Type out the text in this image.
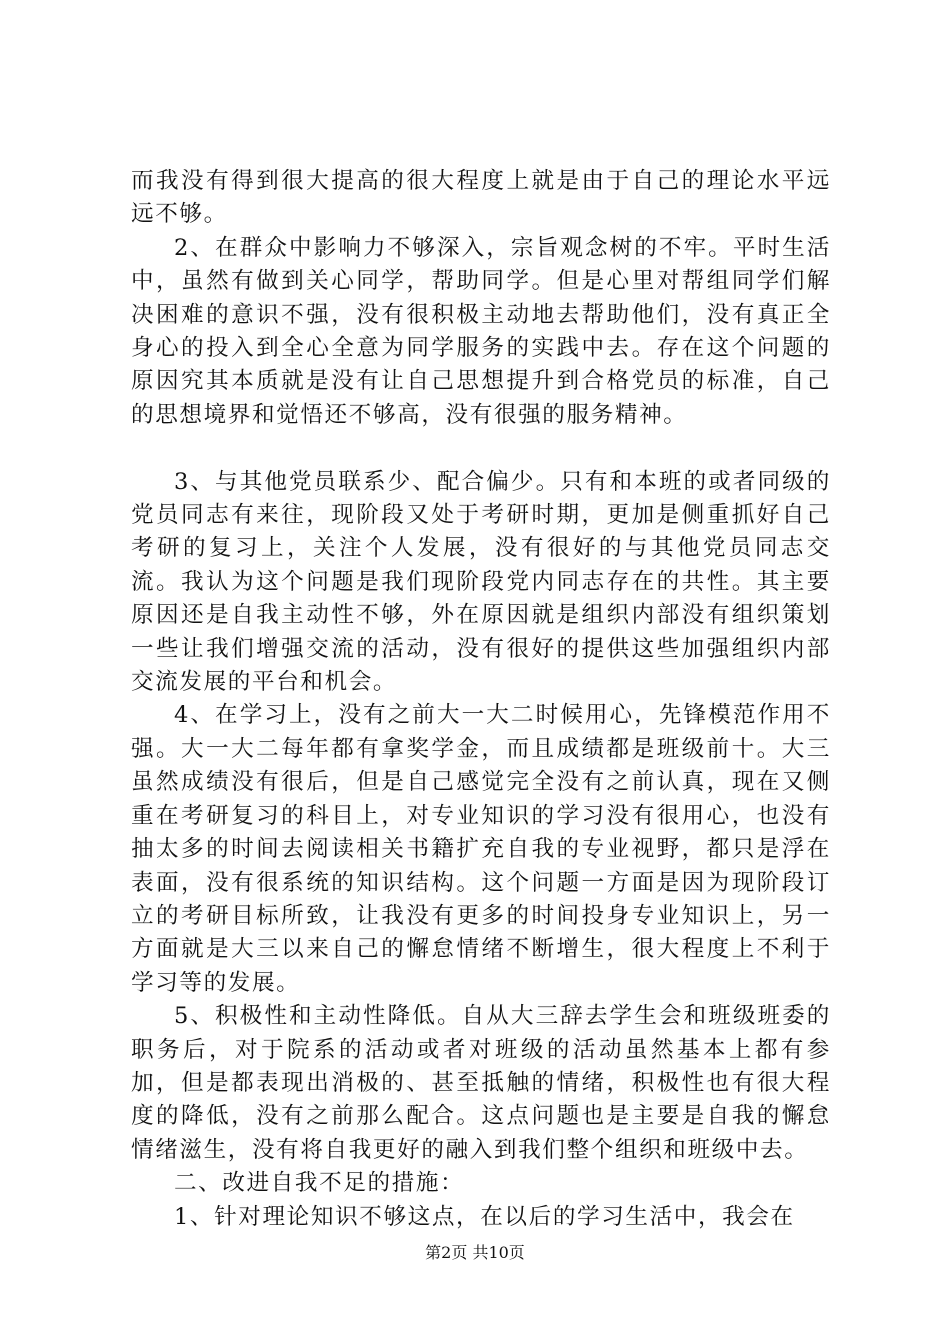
而我没有得到很大提高的很大程度上就是由于自己的理论水平远远不够。

2、在群众中影响力不够深入，宗旨观念树的不牢。平时生活中，虽然有做到关心同学，帮助同学。但是心里对帮组同学们解决困难的意识不强，没有很积极主动地去帮助他们，没有真正全身心的投入到全心全意为同学服务的实践中去。存在这个问题的原因究其本质就是没有让自己思想提升到合格党员的标准，自己的思想境界和觉悟还不够高，没有很强的服务精神。

3、与其他党员联系少、配合偏少。只有和本班的或者同级的党员同志有来往，现阶段又处于考研时期，更加是侧重抓好自己考研的复习上，关注个人发展，没有很好的与其他党员同志交流。我认为这个问题是我们现阶段党内同志存在的共性。其主要原因还是自我主动性不够，外在原因就是组织内部没有组织策划一些让我们增强交流的活动，没有很好的提供这些加强组织内部交流发展的平台和机会。

4、在学习上，没有之前大一大二时候用心，先锋模范作用不强。大一大二每年都有拿奖学金，而且成绩都是班级前十。大三虽然成绩没有很后，但是自己感觉完全没有之前认真，现在又侧重在考研复习的科目上，对专业知识的学习没有很用心，也没有抽太多的时间去阅读相关书籍扩充自我的专业视野，都只是浮在表面，没有很系统的知识结构。这个问题一方面是因为现阶段订立的考研目标所致，让我没有更多的时间投身专业知识上，另一方面就是大三以来自己的懈怠情绪不断增生，很大程度上不利于学习等的发展。

5、积极性和主动性降低。自从大三辞去学生会和班级班委的职务后，对于院系的活动或者对班级的活动虽然基本上都有参加，但是都表现出消极的、甚至抵触的情绪，积极性也有很大程度的降低，没有之前那么配合。这点问题也是主要是自我的懈怠情绪滋生，没有将自我更好的融入到我们整个组织和班级中去。

二、改进自我不足的措施：

1、针对理论知识不够这点，在以后的学习生活中，我会在

第2页 共10页
